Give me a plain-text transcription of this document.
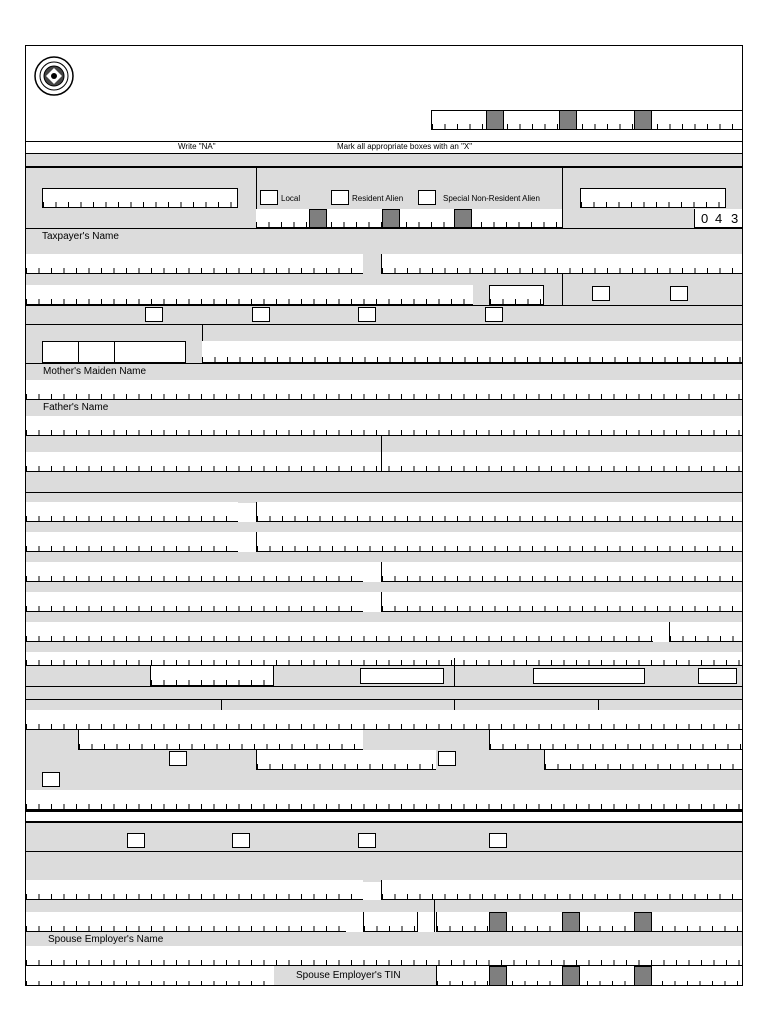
Write "NA"	Mark all appropriate boxes with an "X"
Local	Resident Alien	Special Non-Resident Alien
0 4 3
Taxpayer's Name
Mother's Maiden Name
Father's Name
Spouse Employer's Name
Spouse Employer's TIN
